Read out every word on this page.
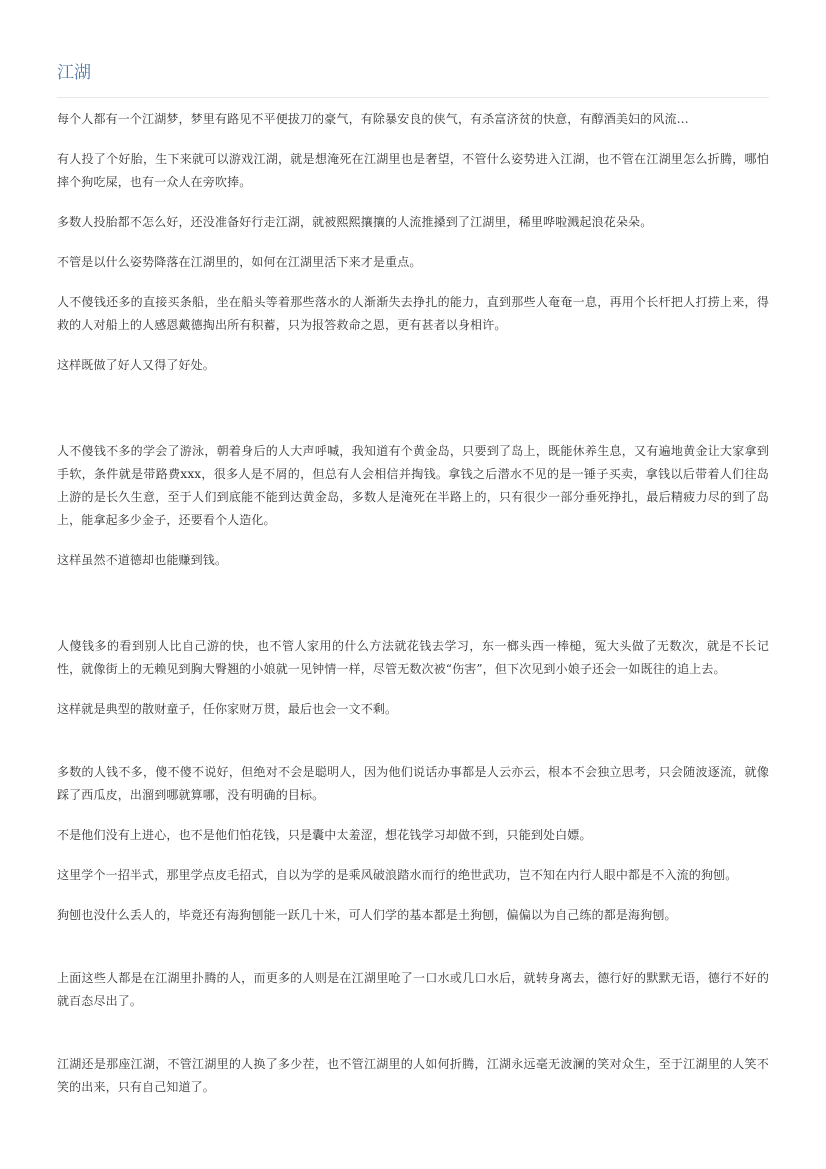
江湖

每个人都有一个江湖梦，梦里有路见不平便拔刀的豪气，有除暴安良的侠气，有杀富济贫的快意，有醇酒美妇的风流…

有人投了个好胎，生下来就可以游戏江湖，就是想淹死在江湖里也是奢望，不管什么姿势进入江湖，也不管在江湖里怎么折腾，哪怕摔个狗吃屎，也有一众人在旁吹捧。

多数人投胎都不怎么好，还没准备好行走江湖，就被熙熙攘攘的人流推搡到了江湖里，稀里哗啦溅起浪花朵朵。

不管是以什么姿势降落在江湖里的，如何在江湖里活下来才是重点。

人不傻钱还多的直接买条船，坐在船头等着那些落水的人渐渐失去挣扎的能力，直到那些人奄奄一息，再用个长杆把人打捞上来，得救的人对船上的人感恩戴德掏出所有积蓄，只为报答救命之恩，更有甚者以身相许。

这样既做了好人又得了好处。

人不傻钱不多的学会了游泳，朝着身后的人大声呼喊，我知道有个黄金岛，只要到了岛上，既能休养生息，又有遍地黄金让大家拿到手软，条件就是带路费xxx，很多人是不屑的，但总有人会相信并掏钱。拿钱之后潜水不见的是一锤子买卖，拿钱以后带着人们往岛上游的是长久生意，至于人们到底能不能到达黄金岛，多数人是淹死在半路上的，只有很少一部分垂死挣扎，最后精疲力尽的到了岛上，能拿起多少金子，还要看个人造化。

这样虽然不道德却也能赚到钱。

人傻钱多的看到别人比自己游的快，也不管人家用的什么方法就花钱去学习，东一榔头西一棒槌，冤大头做了无数次，就是不长记性，就像街上的无赖见到胸大臀翘的小娘就一见钟情一样，尽管无数次被“伤害”，但下次见到小娘子还会一如既往的追上去。

这样就是典型的散财童子，任你家财万贯，最后也会一文不剩。

多数的人钱不多，傻不傻不说好，但绝对不会是聪明人，因为他们说话办事都是人云亦云，根本不会独立思考，只会随波逐流，就像踩了西瓜皮，出溜到哪就算哪，没有明确的目标。

不是他们没有上进心，也不是他们怕花钱，只是囊中太羞涩，想花钱学习却做不到，只能到处白嫖。

这里学个一招半式，那里学点皮毛招式，自以为学的是乘风破浪踏水而行的绝世武功，岂不知在内行人眼中都是不入流的狗刨。

狗刨也没什么丢人的，毕竟还有海狗刨能一跃几十米，可人们学的基本都是土狗刨，偏偏以为自己练的都是海狗刨。

上面这些人都是在江湖里扑腾的人，而更多的人则是在江湖里呛了一口水或几口水后，就转身离去，德行好的默默无语，德行不好的就百态尽出了。

江湖还是那座江湖，不管江湖里的人换了多少茬，也不管江湖里的人如何折腾，江湖永远毫无波澜的笑对众生，至于江湖里的人笑不笑的出来，只有自己知道了。
